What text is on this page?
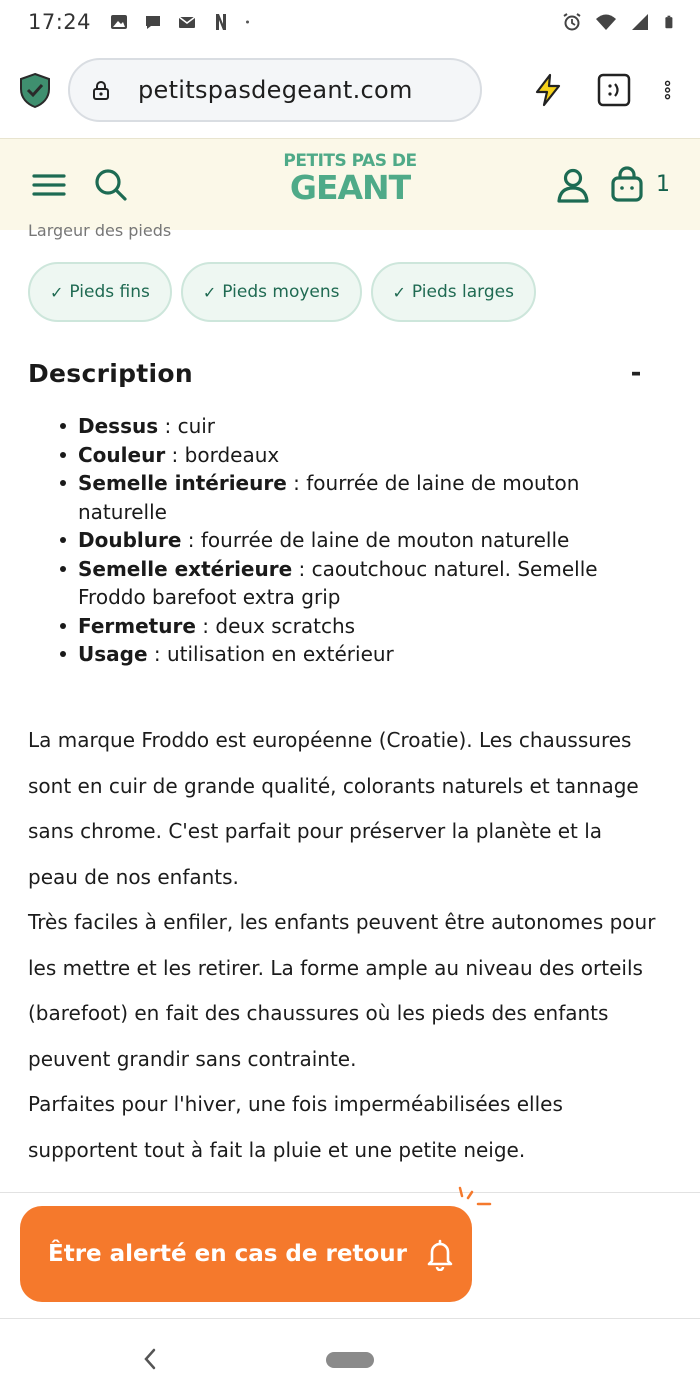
17:24
petitspasdegeant.com
PETITS PAS DE
GEANT	1
Largeur des pieds
✓ Pieds fins	✓ Pieds moyens	✓ Pieds larges
Description	-
Dessus : cuir
Couleur : bordeaux
Semelle intérieure : fourrée de laine de mouton naturelle
Doublure : fourrée de laine de mouton naturelle
Semelle extérieure : caoutchouc naturel. Semelle Froddo barefoot extra grip
Fermeture : deux scratchs
Usage : utilisation en extérieur

La marque Froddo est européenne (Croatie). Les chaussures sont en cuir de grande qualité, colorants naturels et tannage sans chrome. C'est parfait pour préserver la planète et la peau de nos enfants.

Très faciles à enfiler, les enfants peuvent être autonomes pour les mettre et les retirer. La forme ample au niveau des orteils (barefoot) en fait des chaussures où les pieds des enfants peuvent grandir sans contrainte.

Parfaites pour l'hiver, une fois imperméabilisées elles supportent tout à fait la pluie et une petite neige.

Être alerté en cas de retour
